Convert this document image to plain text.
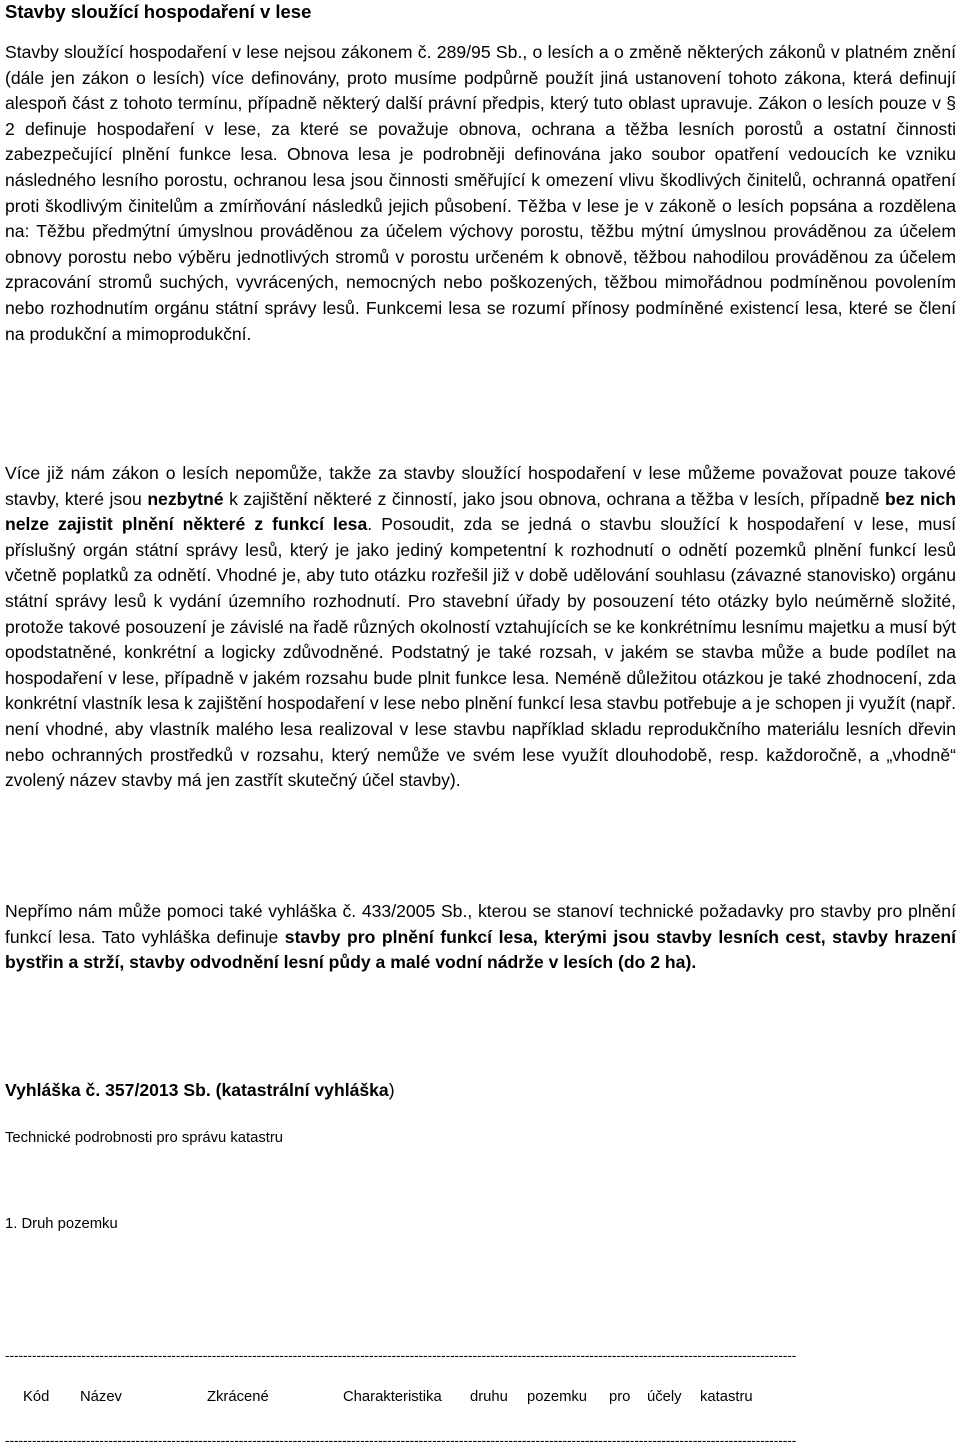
Stavby sloužící hospodaření v lese

Stavby sloužící hospodaření v lese nejsou zákonem č. 289/95 Sb., o lesích a o změně některých zákonů v platném znění (dále jen zákon o lesích) více definovány, proto musíme podpůrně použít jiná ustanovení tohoto zákona, která definují alespoň část z tohoto termínu, případně některý další právní předpis, který tuto oblast upravuje. Zákon o lesích pouze v § 2 definuje hospodaření v lese, za které se považuje obnova, ochrana a těžba lesních porostů a ostatní činnosti zabezpečující plnění funkce lesa. Obnova lesa je podrobněji definována jako soubor opatření vedoucích ke vzniku následného lesního porostu, ochranou lesa jsou činnosti směřující k omezení vlivu škodlivých činitelů, ochranná opatření proti škodlivým činitelům a zmírňování následků jejich působení. Těžba v lese je v zákoně o lesích popsána a rozdělena na: Těžbu předmýtní úmyslnou prováděnou za účelem výchovy porostu, těžbu mýtní úmyslnou prováděnou za účelem obnovy porostu nebo výběru jednotlivých stromů v porostu určeném k obnově, těžbou nahodilou prováděnou za účelem zpracování stromů suchých, vyvrácených, nemocných nebo poškozených, těžbou mimořádnou podmíněnou povolením nebo rozhodnutím orgánu státní správy lesů. Funkcemi lesa se rozumí přínosy podmíněné existencí lesa, které se člení na produkční a mimoprodukční.

Více již nám zákon o lesích nepomůže, takže za stavby sloužící hospodaření v lese můžeme považovat pouze takové stavby, které jsou nezbytné k zajištění některé z činností, jako jsou obnova, ochrana a těžba v lesích, případně bez nich nelze zajistit plnění některé z funkcí lesa. Posoudit, zda se jedná o stavbu sloužící k hospodaření v lese, musí příslušný orgán státní správy lesů, který je jako jediný kompetentní k rozhodnutí o odnětí pozemků plnění funkcí lesů včetně poplatků za odnětí. Vhodné je, aby tuto otázku rozřešil již v době udělování souhlasu (závazné stanovisko) orgánu státní správy lesů k vydání územního rozhodnutí. Pro stavební úřady by posouzení této otázky bylo neúměrně složité, protože takové posouzení je závislé na řadě různých okolností vztahujících se ke konkrétnímu lesnímu majetku a musí být opodstatněné, konkrétní a logicky zdůvodněné. Podstatný je také rozsah, v jakém se stavba může a bude podílet na hospodaření v lese, případně v jakém rozsahu bude plnit funkce lesa. Neméně důležitou otázkou je také zhodnocení, zda konkrétní vlastník lesa k zajištění hospodaření v lese nebo plnění funkcí lesa stavbu potřebuje a je schopen ji využít (např. není vhodné, aby vlastník malého lesa realizoval v lese stavbu například skladu reprodukčního materiálu lesních dřevin nebo ochranných prostředků v rozsahu, který nemůže ve svém lese využít dlouhodobě, resp. každoročně, a „vhodně“ zvolený název stavby má jen zastřít skutečný účel stavby).

Nepřímo nám může pomoci také vyhláška č. 433/2005 Sb., kterou se stanoví technické požadavky pro stavby pro plnění funkcí lesa. Tato vyhláška definuje stavby pro plnění funkcí lesa, kterými jsou stavby lesních cest, stavby hrazení bystřin a strží, stavby odvodnění lesní půdy a malé vodní nádrže v lesích (do 2 ha).

Vyhláška č. 357/2013 Sb. (katastrální vyhláška)

Technické podrobnosti pro správu katastru

1. Druh pozemku

--------------------------------------------------------------------------------------------------------------------------------------------------------------------------------
Kód Název	Zkrácené	Charakteristika druhu pozemku pro účely katastru
--------------------------------------------------------------------------------------------------------------------------------------------------------------------------------
